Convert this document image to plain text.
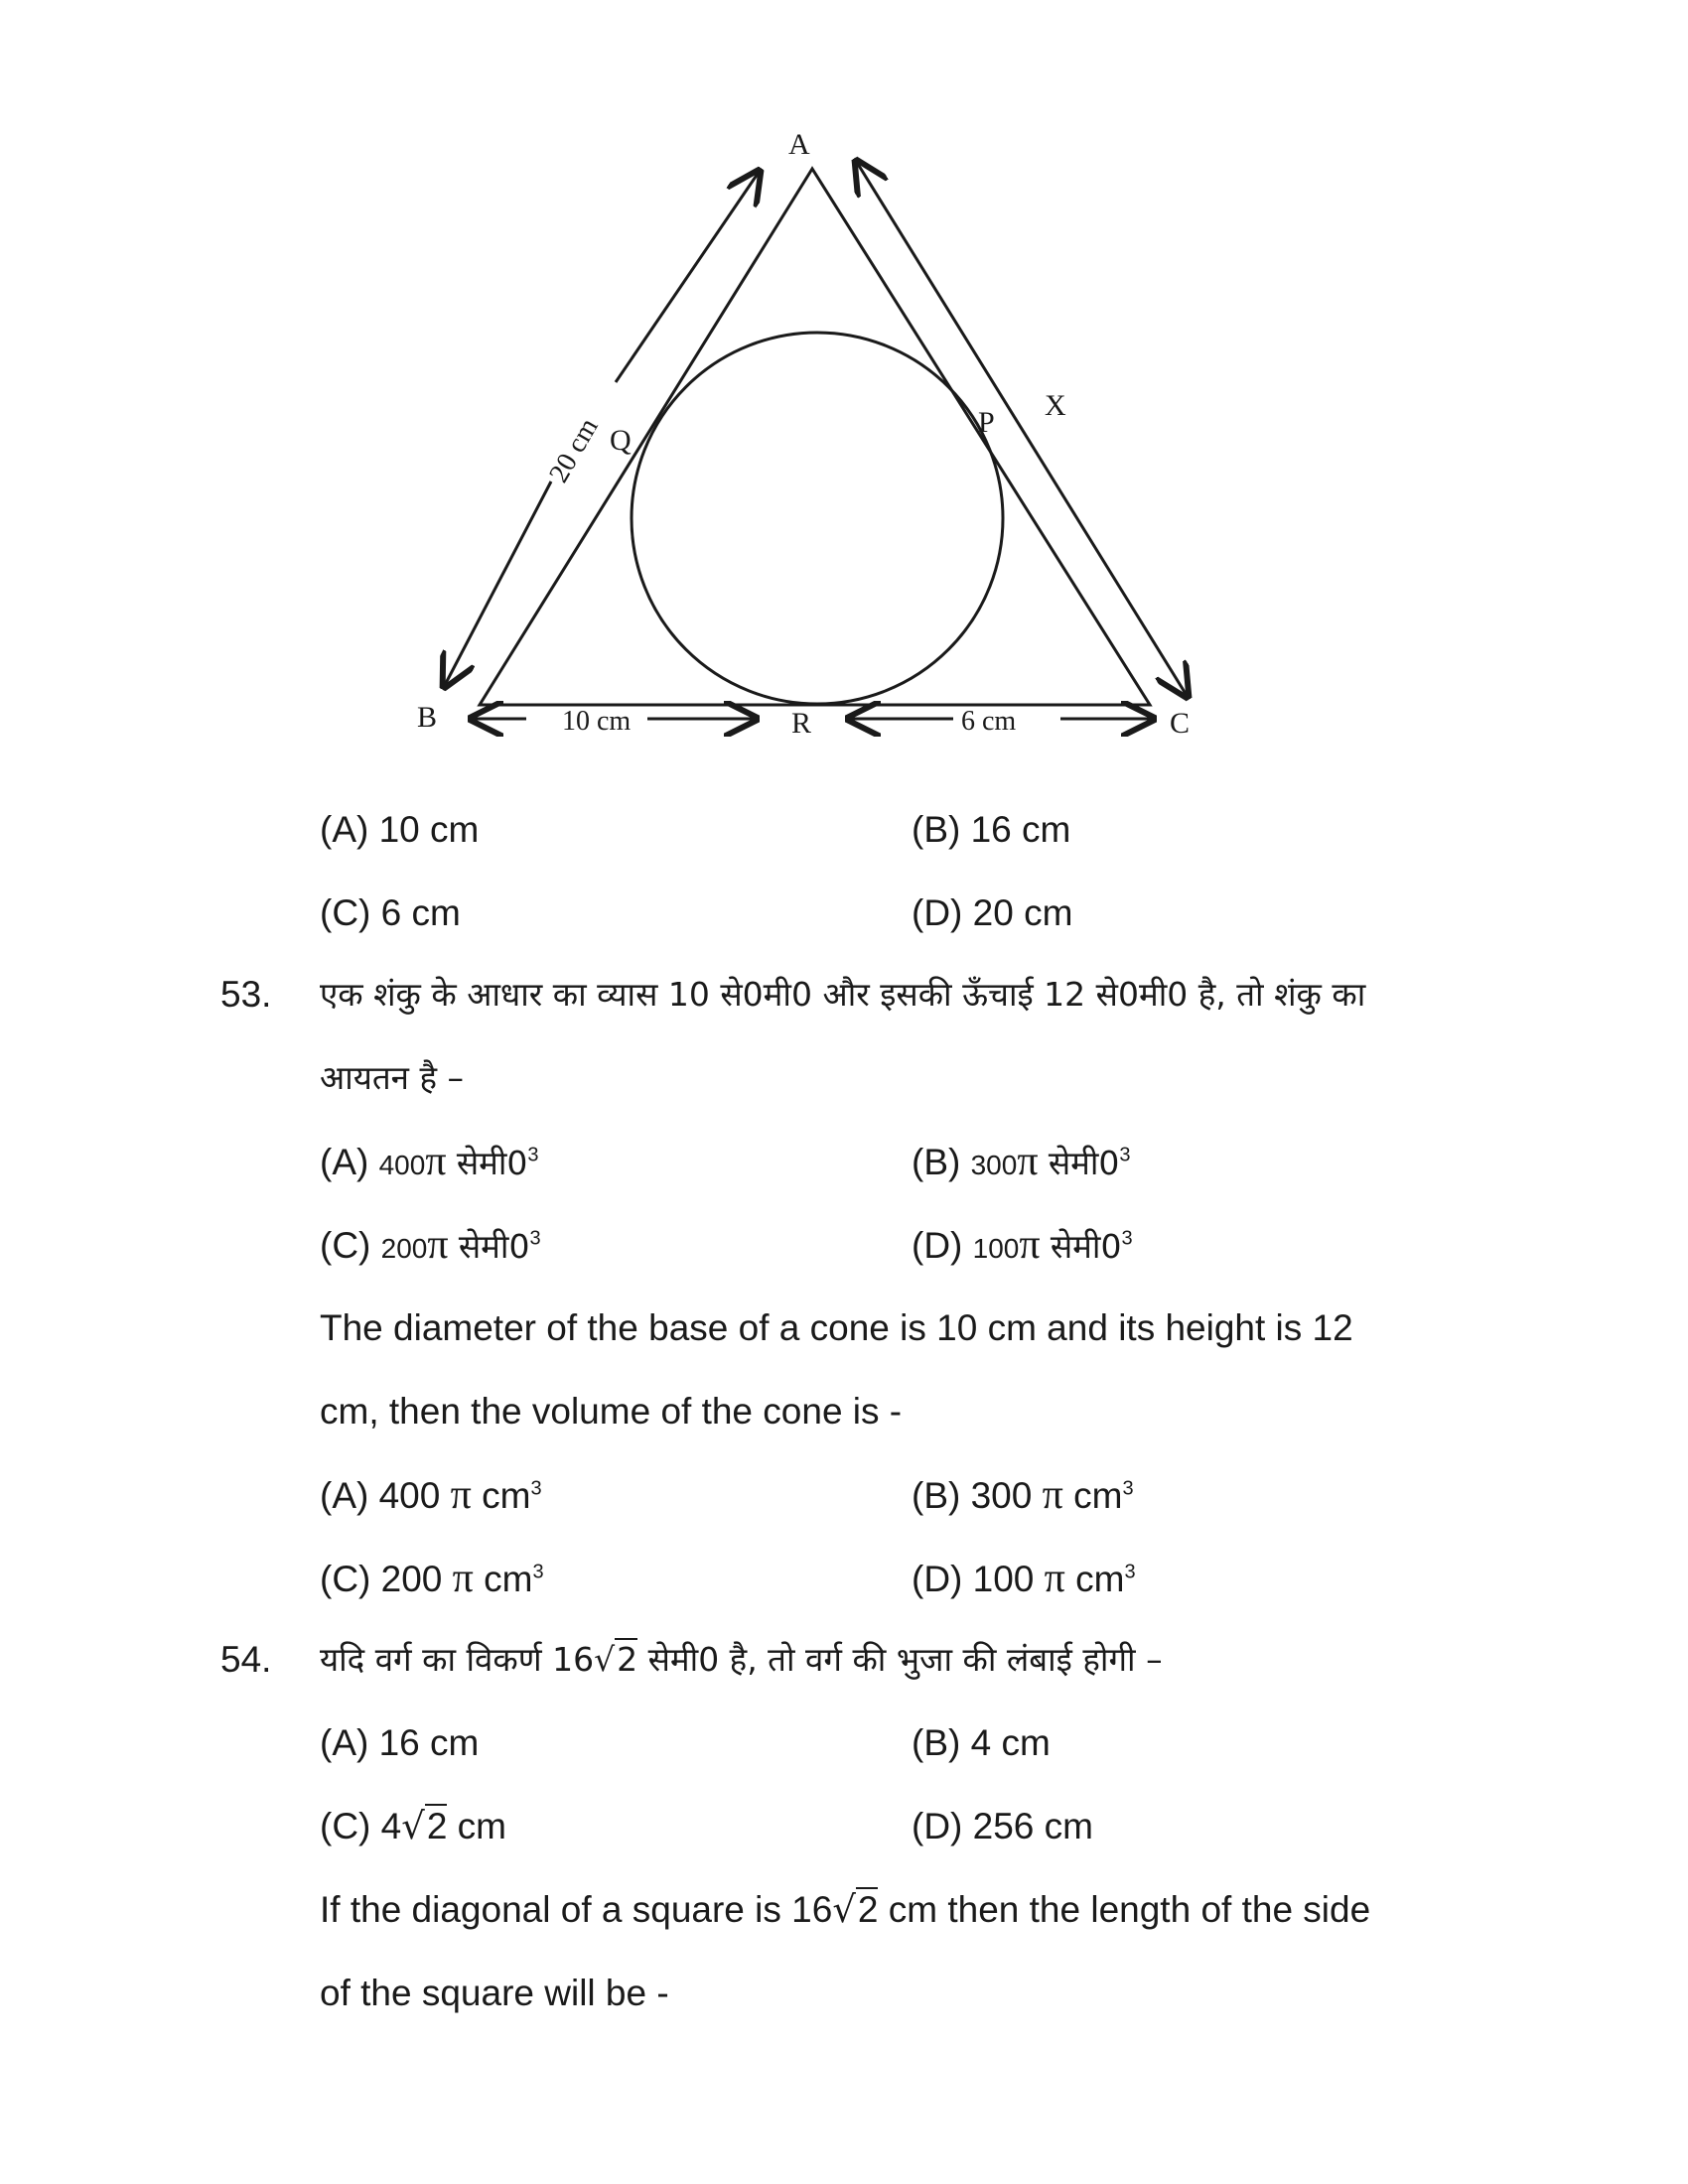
A
B	C
P
Q
R
X
20 cm
10 cm	6 cm
(A) 10 cm	(B) 16 cm
(C) 6 cm	(D) 20 cm
53. एक शंकु के आधार का व्यास 10 से0मी0 और इसकी ऊँचाई 12 से0मी0 है, तो शंकु का
आयतन है –
(A) 400π $सेमी0^3$	(B) 300π $सेमी0^3$
(C) 200π $सेमी0^3$	(D) 100π $सेमी0^3$
The diameter of the base of a cone is 10 cm and its height is 12
cm, then the volume of the cone is -
(A) 400 π $cm^3$	(B) 300 π $cm^3$
(C) 200 π $cm^3$	(D) 100 π $cm^3$
54. यदि वर्ग का विकर्ण 16√2 सेमी0 है, तो वर्ग की भुजा की लंबाई होगी –
(A) 16 cm	(B) 4 cm
(C) 4√2 cm	(D) 256 cm
If the diagonal of a square is 16√2 cm then the length of the side
of the square will be -
